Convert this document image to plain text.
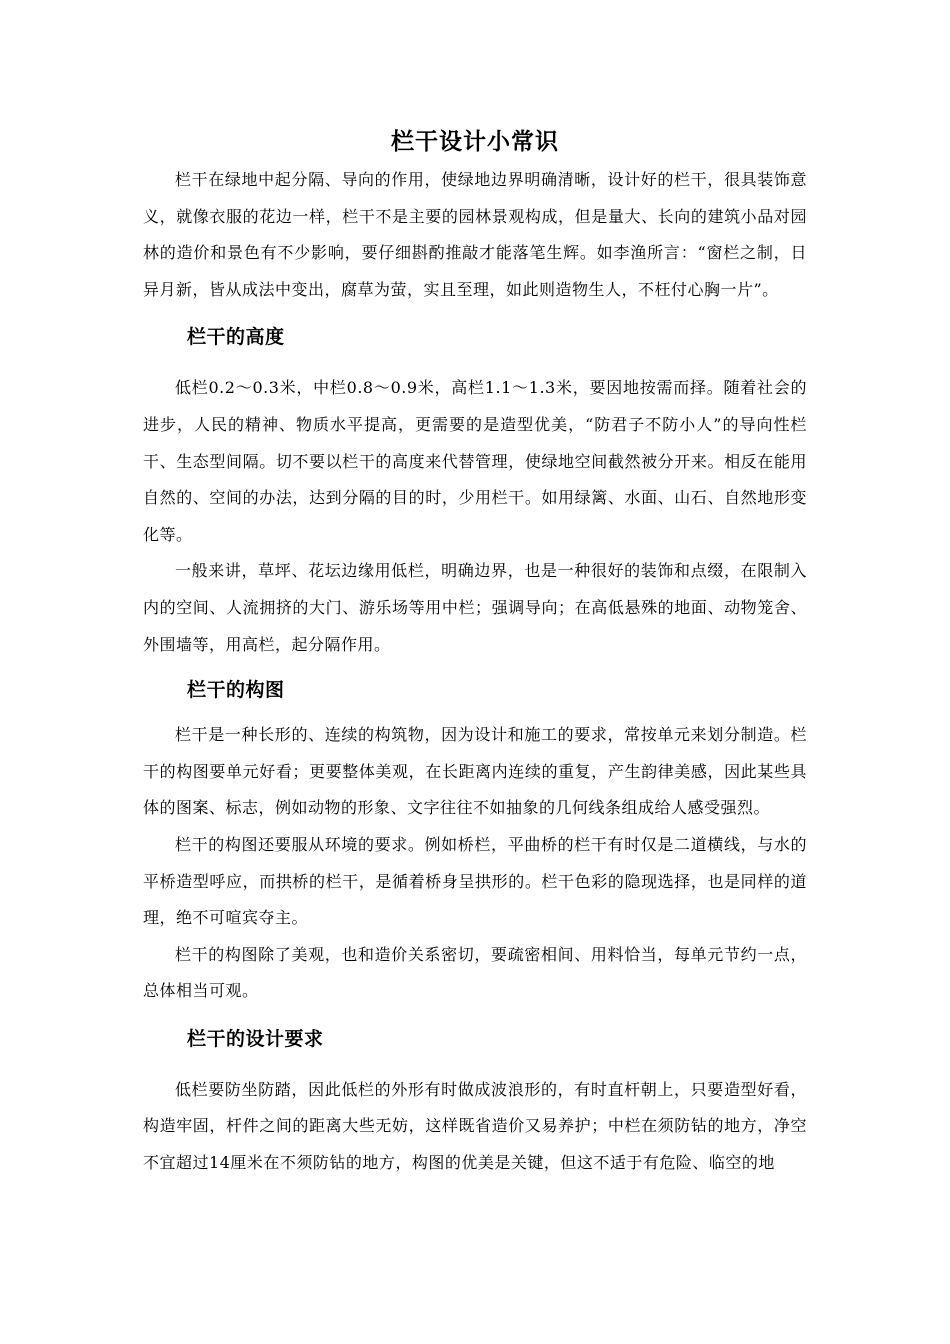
栏干设计小常识

栏干在绿地中起分隔、导向的作用，使绿地边界明确清晰，设计好的栏干，很具装饰意义，就像衣服的花边一样，栏干不是主要的园林景观构成，但是量大、长向的建筑小品对园林的造价和景色有不少影响，要仔细斟酌推敲才能落笔生辉。如李渔所言：“窗栏之制，日异月新，皆从成法中变出，腐草为萤，实且至理，如此则造物生人，不枉付心胸一片”。

栏干的高度

低栏0.2～0.3米，中栏0.8～0.9米，高栏1.1～1.3米，要因地按需而择。随着社会的进步，人民的精神、物质水平提高，更需要的是造型优美，“防君子不防小人”的导向性栏干、生态型间隔。切不要以栏干的高度来代替管理，使绿地空间截然被分开来。相反在能用自然的、空间的办法，达到分隔的目的时，少用栏干。如用绿篱、水面、山石、自然地形变化等。

一般来讲，草坪、花坛边缘用低栏，明确边界，也是一种很好的装饰和点缀，在限制入内的空间、人流拥挤的大门、游乐场等用中栏；强调导向；在高低悬殊的地面、动物笼舍、外围墙等，用高栏，起分隔作用。

栏干的构图

栏干是一种长形的、连续的构筑物，因为设计和施工的要求，常按单元来划分制造。栏干的构图要单元好看；更要整体美观，在长距离内连续的重复，产生韵律美感，因此某些具体的图案、标志，例如动物的形象、文字往往不如抽象的几何线条组成给人感受强烈。

栏干的构图还要服从环境的要求。例如桥栏，平曲桥的栏干有时仅是二道横线，与水的平桥造型呼应，而拱桥的栏干，是循着桥身呈拱形的。栏干色彩的隐现选择，也是同样的道理，绝不可喧宾夺主。

栏干的构图除了美观，也和造价关系密切，要疏密相间、用料恰当，每单元节约一点，总体相当可观。

栏干的设计要求

低栏要防坐防踏，因此低栏的外形有时做成波浪形的，有时直杆朝上，只要造型好看，构造牢固，杆件之间的距离大些无妨，这样既省造价又易养护；中栏在须防钻的地方，净空不宜超过14厘米在不须防钻的地方，构图的优美是关键，但这不适于有危险、临空的地
